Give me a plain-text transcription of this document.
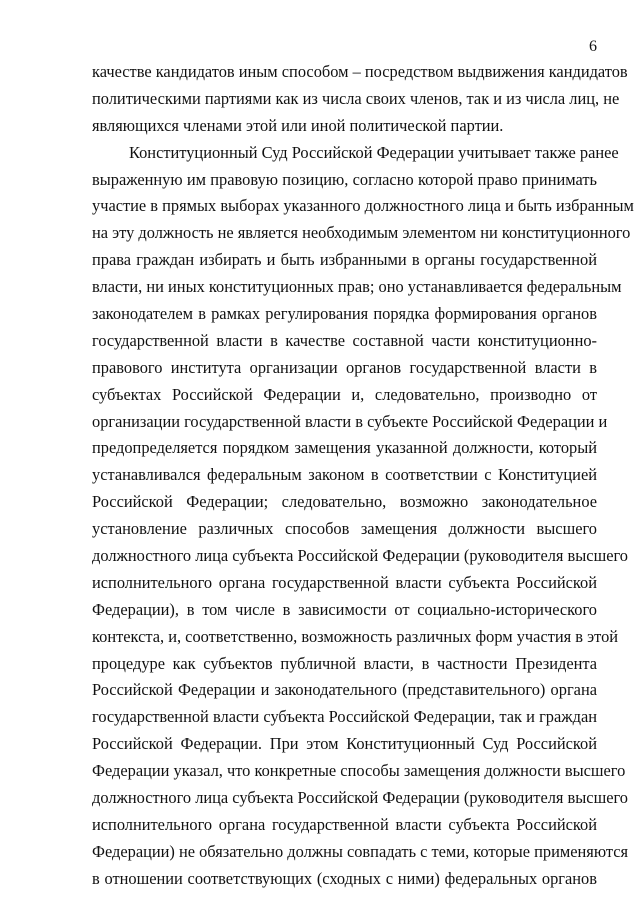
6
качестве кандидатов иным способом – посредством выдвижения кандидатов
политическими партиями как из числа своих членов, так и из числа лиц, не
являющихся членами этой или иной политической партии.
Конституционный Суд Российской Федерации учитывает также ранее
выраженную им правовую позицию, согласно которой право принимать
участие в прямых выборах указанного должностного лица и быть избранным
на эту должность не является необходимым элементом ни конституционного
права граждан избирать и быть избранными в органы государственной
власти, ни иных конституционных прав; оно устанавливается федеральным
законодателем в рамках регулирования порядка формирования органов
государственной власти в качестве составной части конституционно-
правового института организации органов государственной власти в
субъектах Российской Федерации и, следовательно, производно от
организации государственной власти в субъекте Российской Федерации и
предопределяется порядком замещения указанной должности, который
устанавливался федеральным законом в соответствии с Конституцией
Российской Федерации; следовательно, возможно законодательное
установление различных способов замещения должности высшего
должностного лица субъекта Российской Федерации (руководителя высшего
исполнительного органа государственной власти субъекта Российской
Федерации), в том числе в зависимости от социально-исторического
контекста, и, соответственно, возможность различных форм участия в этой
процедуре как субъектов публичной власти, в частности Президента
Российской Федерации и законодательного (представительного) органа
государственной власти субъекта Российской Федерации, так и граждан
Российской Федерации. При этом Конституционный Суд Российской
Федерации указал, что конкретные способы замещения должности высшего
должностного лица субъекта Российской Федерации (руководителя высшего
исполнительного органа государственной власти субъекта Российской
Федерации) не обязательно должны совпадать с теми, которые применяются
в отношении соответствующих (сходных с ними) федеральных органов
